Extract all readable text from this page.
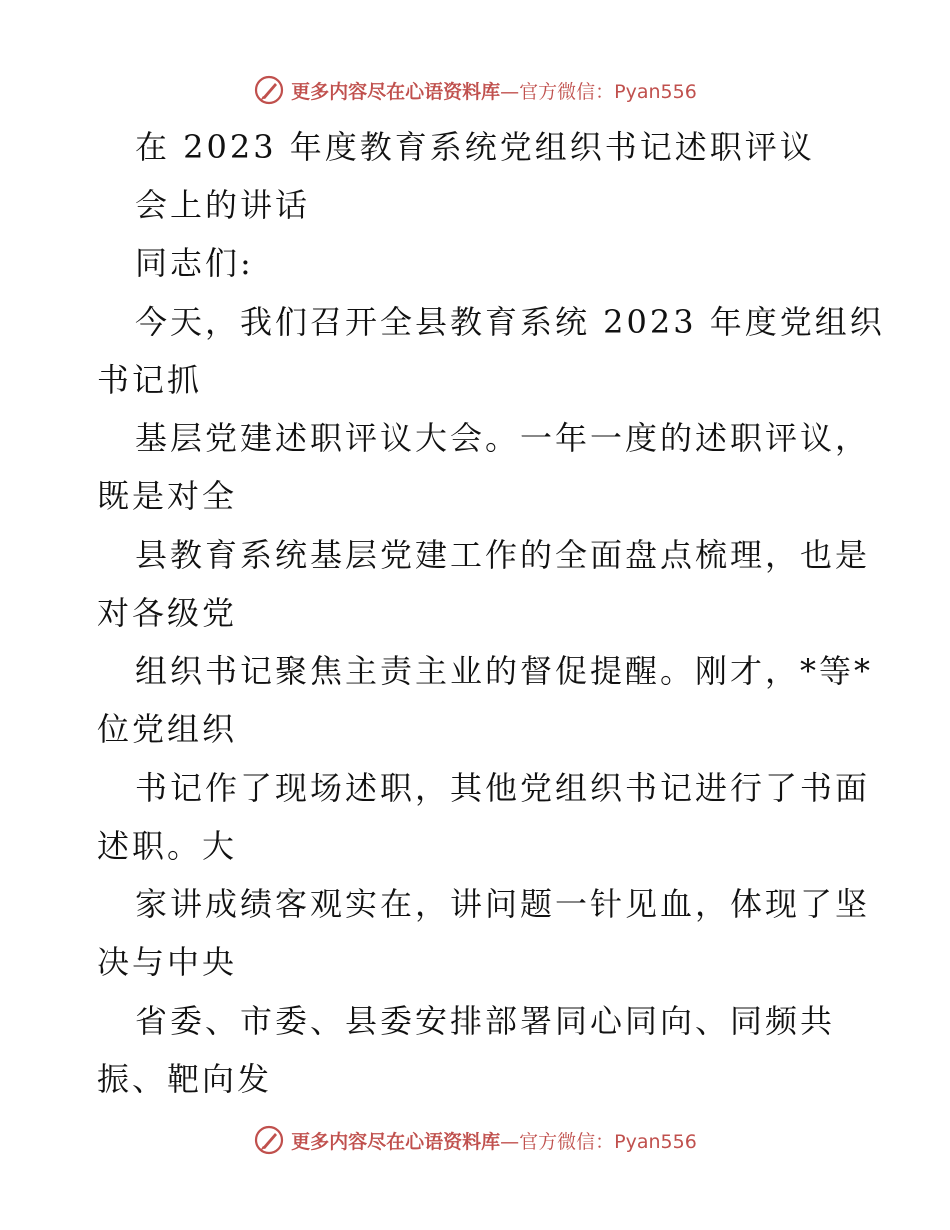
更多内容尽在心语资料库—官方微信：Pyan556
在 2023 年度教育系统党组织书记述职评议
会上的讲话
同志们:
今天，我们召开全县教育系统 2023 年度党组织
书记抓
基层党建述职评议大会。一年一度的述职评议，
既是对全
县教育系统基层党建工作的全面盘点梳理，也是
对各级党
组织书记聚焦主责主业的督促提醒。刚才，*等*
位党组织
书记作了现场述职，其他党组织书记进行了书面
述职。大
家讲成绩客观实在，讲问题一针见血，体现了坚
决与中央
省委、市委、县委安排部署同心同向、同频共
振、靶向发
更多内容尽在心语资料库—官方微信：Pyan556
